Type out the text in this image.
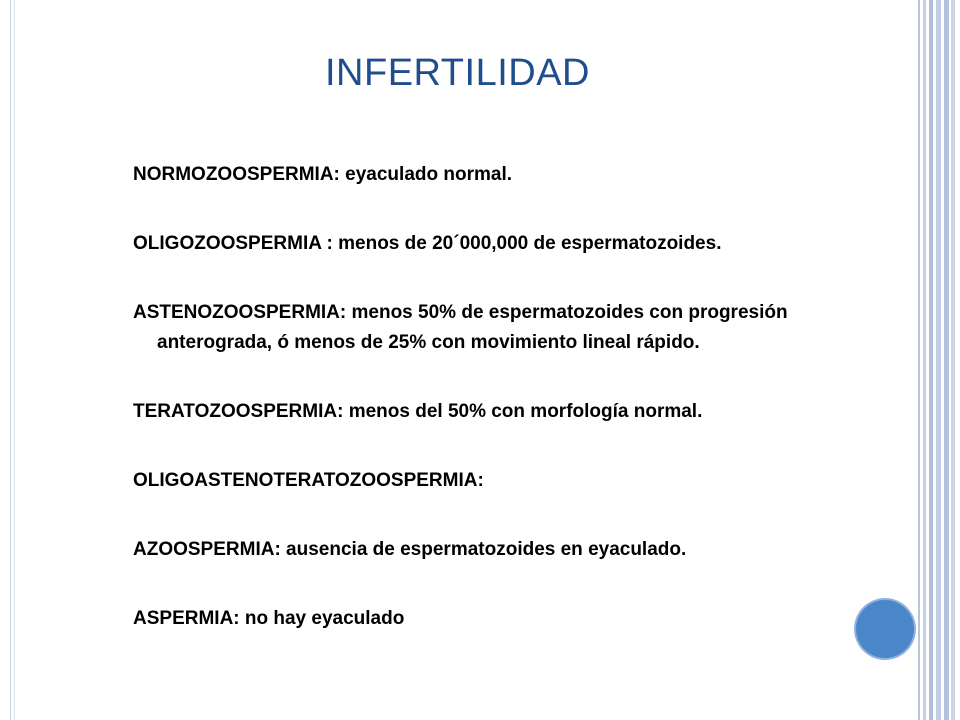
INFERTILIDAD
NORMOZOOSPERMIA: eyaculado normal.
OLIGOZOOSPERMIA : menos de 20´000,000 de espermatozoides.
ASTENOZOOSPERMIA: menos 50% de espermatozoides con progresión anterograda, ó menos de 25% con movimiento lineal rápido.
TERATOZOOSPERMIA: menos del 50% con morfología normal.
OLIGOASTENOTERATOZOOSPERMIA:
AZOOSPERMIA: ausencia de espermatozoides en eyaculado.
ASPERMIA: no hay eyaculado
